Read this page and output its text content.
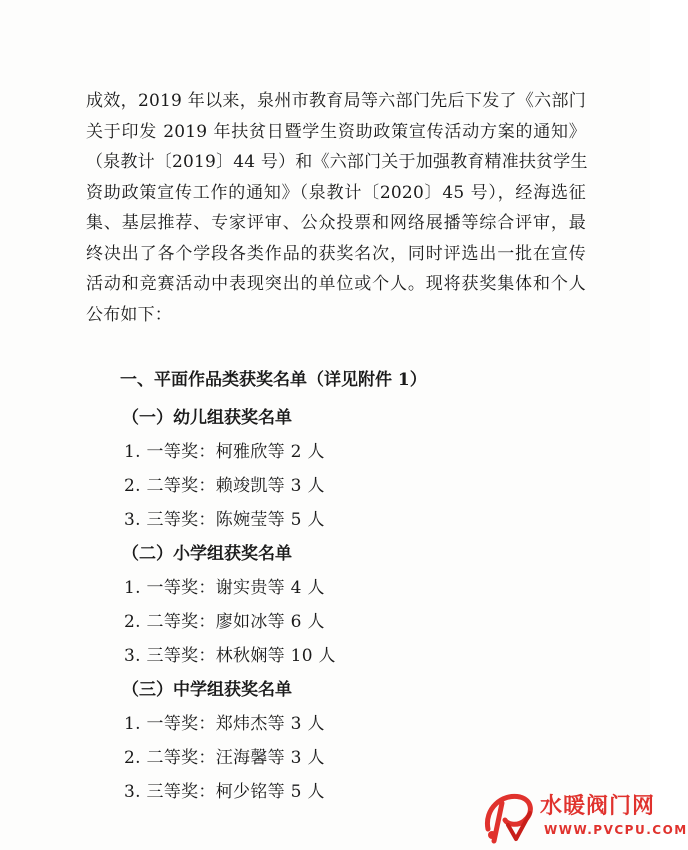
成效，2019 年以来，泉州市教育局等六部门先后下发了《六部门
关于印发 2019 年扶贫日暨学生资助政策宣传活动方案的通知》
（泉教计〔2019〕44 号）和《六部门关于加强教育精准扶贫学生
资助政策宣传工作的通知》（泉教计〔2020〕45 号），经海选征
集、基层推荐、专家评审、公众投票和网络展播等综合评审，最
终决出了各个学段各类作品的获奖名次，同时评选出一批在宣传
活动和竞赛活动中表现突出的单位或个人。现将获奖集体和个人
公布如下：
一、平面作品类获奖名单（详见附件 1）
（一）幼儿组获奖名单
1. 一等奖：柯雅欣等 2 人
2. 二等奖：赖竣凯等 3 人
3. 三等奖：陈婉莹等 5 人
（二）小学组获奖名单
1. 一等奖：谢实贵等 4 人
2. 二等奖：廖如冰等 6 人
3. 三等奖：林秋娴等 10 人
（三）中学组获奖名单
1. 一等奖：郑炜杰等 3 人
2. 二等奖：汪海馨等 3 人
3. 三等奖：柯少铭等 5 人
水暖阀门网
WWW.PVCPU.COM
